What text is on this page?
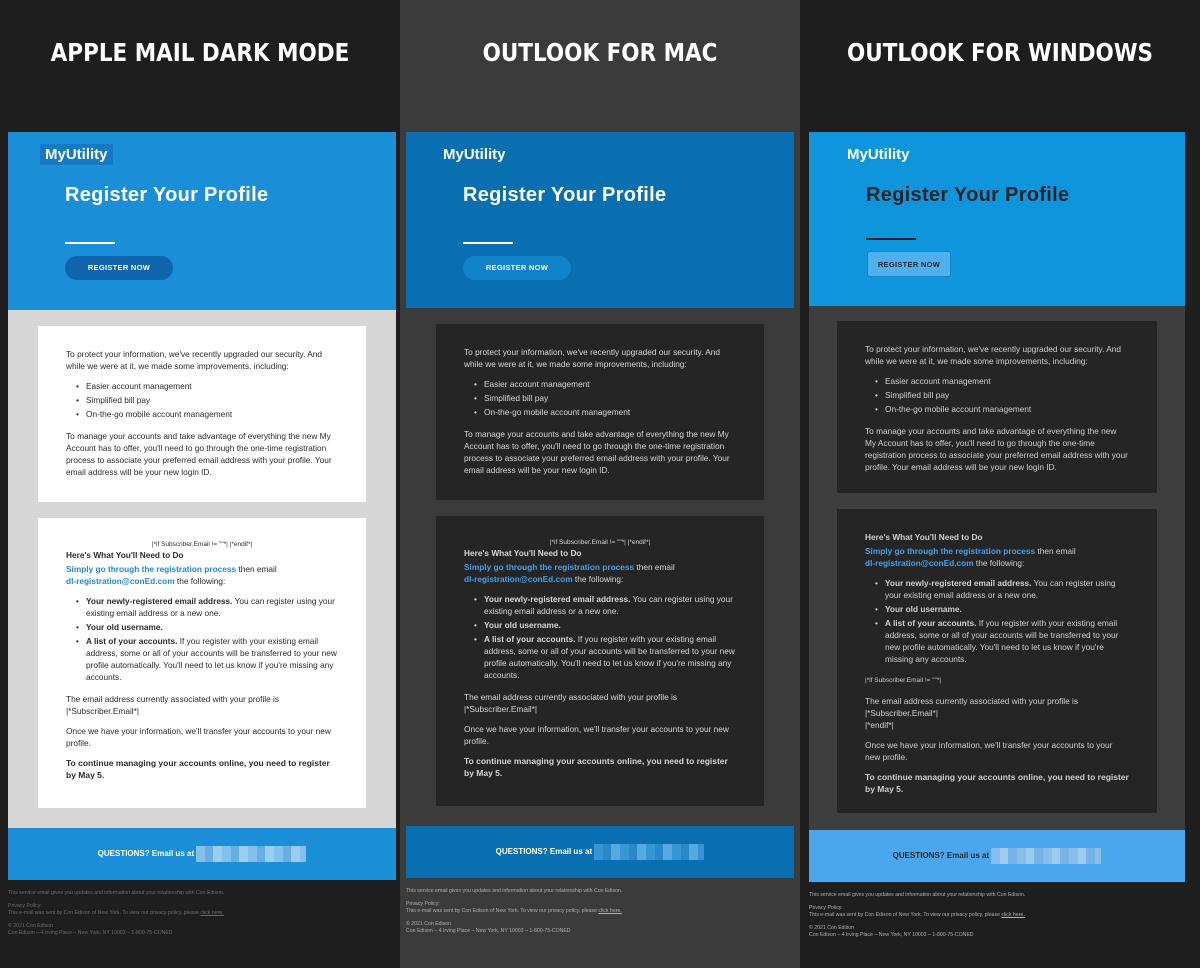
APPLE MAIL DARK MODE
MyUtility
Register Your Profile
REGISTER NOW

To protect your information, we've recently upgraded our security. And while we were at it, we made some improvements, including:

• Easier account management
• Simplified bill pay
• On-the-go mobile account management

To manage your accounts and take advantage of everything the new My Account has to offer, you'll need to go through the one-time registration process to associate your preferred email address with your profile. Your email address will be your new login ID.

|*if Subscriber.Email != ""*| |*endif*|
Here's What You'll Need to Do

Simply go through the registration process then email
dl-registration@conEd.com the following:

• Your newly-registered email address. You can register using your existing email address or a new one.
• Your old username.
• A list of your accounts. If you register with your existing email address, some or all of your accounts will be transferred to your new profile automatically. You'll need to let us know if you're missing any accounts.

The email address currently associated with your profile is |*Subscriber.Email*|

Once we have your information, we'll transfer your accounts to your new profile.

To continue managing your accounts online, you need to register by May 5.

QUESTIONS? Email us at
This service email gives you updates and information about your relationship with Con Edison.
Privacy Policy:
This e-mail was sent by Con Edison of New York. To view our privacy policy, please click here.
© 2021 Con Edison
Con Edison – 4 Irving Place – New York, NY 10003 – 1-800-75-CONED
OUTLOOK FOR MAC
MyUtility
Register Your Profile
REGISTER NOW

To protect your information, we've recently upgraded our security. And while we were at it, we made some improvements, including:

• Easier account management
• Simplified bill pay
• On-the-go mobile account management

To manage your accounts and take advantage of everything the new My Account has to offer, you'll need to go through the one-time registration process to associate your preferred email address with your profile. Your email address will be your new login ID.

|*if Subscriber.Email != ""*| |*endif*|
Here's What You'll Need to Do

Simply go through the registration process then email
dl-registration@conEd.com the following:

• Your newly-registered email address. You can register using your existing email address or a new one.
• Your old username.
• A list of your accounts. If you register with your existing email address, some or all of your accounts will be transferred to your new profile automatically. You'll need to let us know if you're missing any accounts.

The email address currently associated with your profile is |*Subscriber.Email*|

Once we have your information, we'll transfer your accounts to your new profile.

To continue managing your accounts online, you need to register by May 5.

QUESTIONS? Email us at
This service email gives you updates and information about your relationship with Con Edison.
Privacy Policy:
This e-mail was sent by Con Edison of New York. To view our privacy policy, please click here.
© 2021 Con Edison
Con Edison – 4 Irving Place – New York, NY 10003 – 1-800-75-CONED
OUTLOOK FOR WINDOWS
MyUtility
Register Your Profile
REGISTER NOW

To protect your information, we've recently upgraded our security. And while we were at it, we made some improvements, including:

• Easier account management
• Simplified bill pay
• On-the-go mobile account management

To manage your accounts and take advantage of everything the new My Account has to offer, you'll need to go through the one-time registration process to associate your preferred email address with your profile. Your email address will be your new login ID.

Here's What You'll Need to Do

Simply go through the registration process then email
dl-registration@conEd.com the following:

• Your newly-registered email address. You can register using your existing email address or a new one.
• Your old username.
• A list of your accounts. If you register with your existing email address, some or all of your accounts will be transferred to your new profile automatically. You'll need to let us know if you're missing any accounts.

|*if Subscriber.Email != ""*|

The email address currently associated with your profile is
|*Subscriber.Email*|
|*endif*|

Once we have your information, we'll transfer your accounts to your new profile.

To continue managing your accounts online, you need to register by May 5.

QUESTIONS? Email us at
This service email gives you updates and information about your relationship with Con Edison.
Privacy Policy:
This e-mail was sent by Con Edison of New York. To view our privacy policy, please click here.
© 2021 Con Edison
Con Edison – 4 Irving Place – New York, NY 10003 – 1-800-75-CONED
